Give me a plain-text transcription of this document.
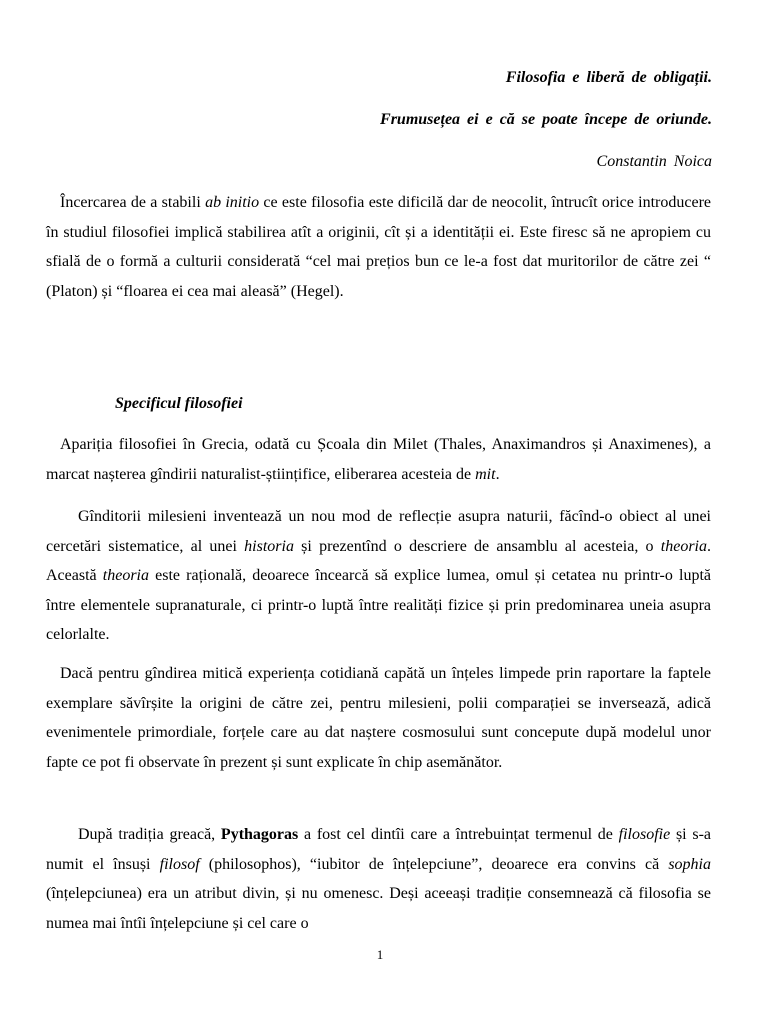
Filosofia e liberă de obligații.
Frumusețea ei e că se poate începe de oriunde.
Constantin Noica

Încercarea de a stabili ab initio ce este filosofia este dificilă dar de neocolit, întrucît orice introducere în studiul filosofiei implică stabilirea atît a originii, cît și a identității ei. Este firesc să ne apropiem cu sfială de o formă a culturii considerată “cel mai prețios bun ce le-a fost dat muritorilor de către zei “ (Platon) și “floarea ei cea mai aleasă” (Hegel).

Specificul filosofiei

Apariția filosofiei în Grecia, odată cu Școala din Milet (Thales, Anaximandros și Anaximenes), a marcat nașterea gîndirii naturalist-științifice, eliberarea acesteia de mit.

Gînditorii milesieni inventează un nou mod de reflecție asupra naturii, făcînd-o obiect al unei cercetări sistematice, al unei historia și prezentînd o descriere de ansamblu al acesteia, o theoria. Această theoria este rațională, deoarece încearcă să explice lumea, omul și cetatea nu printr-o luptă între elementele supranaturale, ci printr-o luptă între realități fizice și prin predominarea uneia asupra celorlalte.

Dacă pentru gîndirea mitică experiența cotidiană capătă un înțeles limpede prin raportare la faptele exemplare săvîrșite la origini de către zei, pentru milesieni, polii comparației se inversează, adică evenimentele primordiale, forțele care au dat naștere cosmosului sunt concepute după modelul unor fapte ce pot fi observate în prezent și sunt explicate în chip asemănător.

După tradiția greacă, Pythagoras a fost cel dintîi care a întrebuințat termenul de filosofie și s-a numit el însuși filosof (philosophos), “iubitor de înțelepciune”, deoarece era convins că sophia (înțelepciunea) era un atribut divin, și nu omenesc. Deși aceeași tradiție consemnează că filosofia se numea mai întîi înțelepciune și cel care o

1
